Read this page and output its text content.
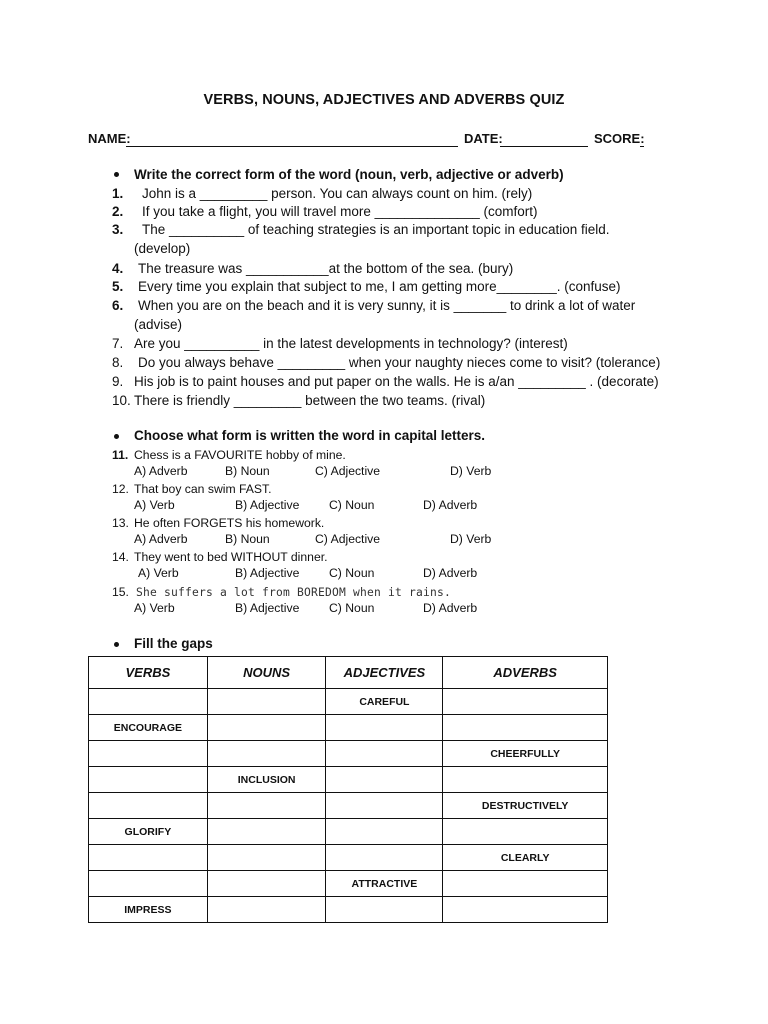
VERBS, NOUNS, ADJECTIVES AND ADVERBS QUIZ
NAME:	DATE:	SCORE:
Write the correct form of the word (noun, verb, adjective or adverb)
1. John is a _________ person. You can always count on him. (rely)
2. If you take a flight, you will travel more ______________ (comfort)
3. The __________ of teaching strategies is an important topic in education field.
(develop)
4. The treasure was ___________at the bottom of the sea. (bury)
5. Every time you explain that subject to me, I am getting more________. (confuse)
6. When you are on the beach and it is very sunny, it is _______ to drink a lot of water
(advise)
7. Are you __________ in the latest developments in technology? (interest)
8. Do you always behave _________ when your naughty nieces come to visit? (tolerance)
9. His job is to paint houses and put paper on the walls. He is a/an _________ . (decorate)
10. There is friendly _________ between the two teams. (rival)
Choose what form is written the word in capital letters.
11. Chess is a FAVOURITE hobby of mine.
A) Adverb	B) Noun	C) Adjective	D) Verb
12. That boy can swim FAST.
A) Verb	B) Adjective C) Noun	D) Adverb
13. He often FORGETS his homework.
A) Adverb	B) Noun	C) Adjective	D) Verb
14. They went to bed WITHOUT dinner.
A) Verb	B) Adjective C) Noun	D) Adverb
15. She suffers a lot from BOREDOM when it rains.
A) Verb	B) Adjective C) Noun	D) Adverb
Fill the gaps
VERBS	NOUNS	ADJECTIVES	ADVERBS
		CAREFUL	
ENCOURAGE			
			CHEERFULLY
	INCLUSION		
			DESTRUCTIVELY
GLORIFY			
			CLEARLY
		ATTRACTIVE	
IMPRESS			
